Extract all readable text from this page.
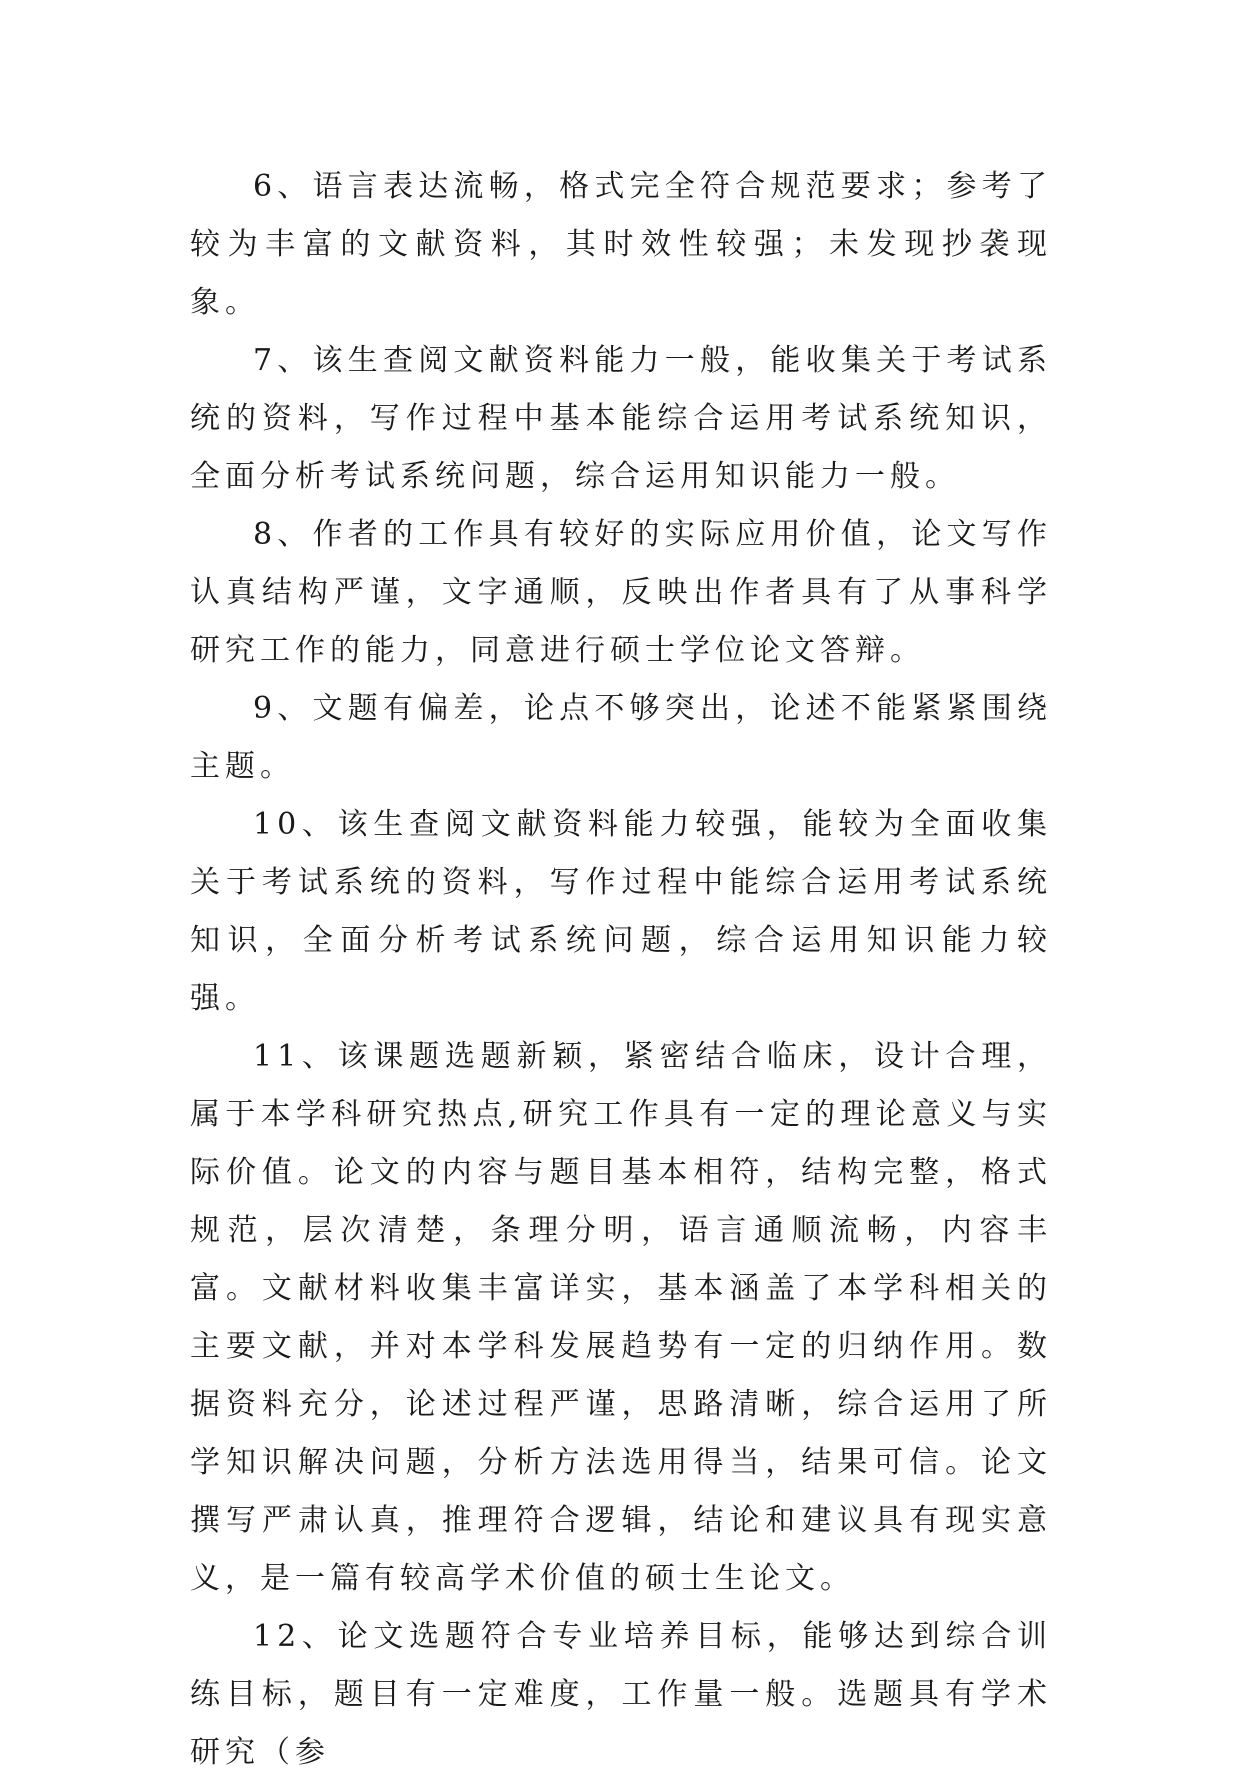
6、语言表达流畅，格式完全符合规范要求；参考了较为丰富的文献资料，其时效性较强；未发现抄袭现象。

7、该生查阅文献资料能力一般，能收集关于考试系统的资料，写作过程中基本能综合运用考试系统知识，全面分析考试系统问题，综合运用知识能力一般。

8、作者的工作具有较好的实际应用价值，论文写作认真结构严谨，文字通顺，反映出作者具有了从事科学研究工作的能力，同意进行硕士学位论文答辩。

9、文题有偏差，论点不够突出，论述不能紧紧围绕主题。

10、该生查阅文献资料能力较强，能较为全面收集关于考试系统的资料，写作过程中能综合运用考试系统知识，全面分析考试系统问题，综合运用知识能力较强。

11、该课题选题新颖，紧密结合临床，设计合理，属于本学科研究热点,研究工作具有一定的理论意义与实际价值。论文的内容与题目基本相符，结构完整，格式规范，层次清楚，条理分明，语言通顺流畅，内容丰富。文献材料收集丰富详实，基本涵盖了本学科相关的主要文献，并对本学科发展趋势有一定的归纳作用。数据资料充分，论述过程严谨，思路清晰，综合运用了所学知识解决问题，分析方法选用得当，结果可信。论文撰写严肃认真，推理符合逻辑，结论和建议具有现实意义，是一篇有较高学术价值的硕士生论文。

12、论文选题符合专业培养目标，能够达到综合训练目标，题目有一定难度，工作量一般。选题具有学术研究（参
